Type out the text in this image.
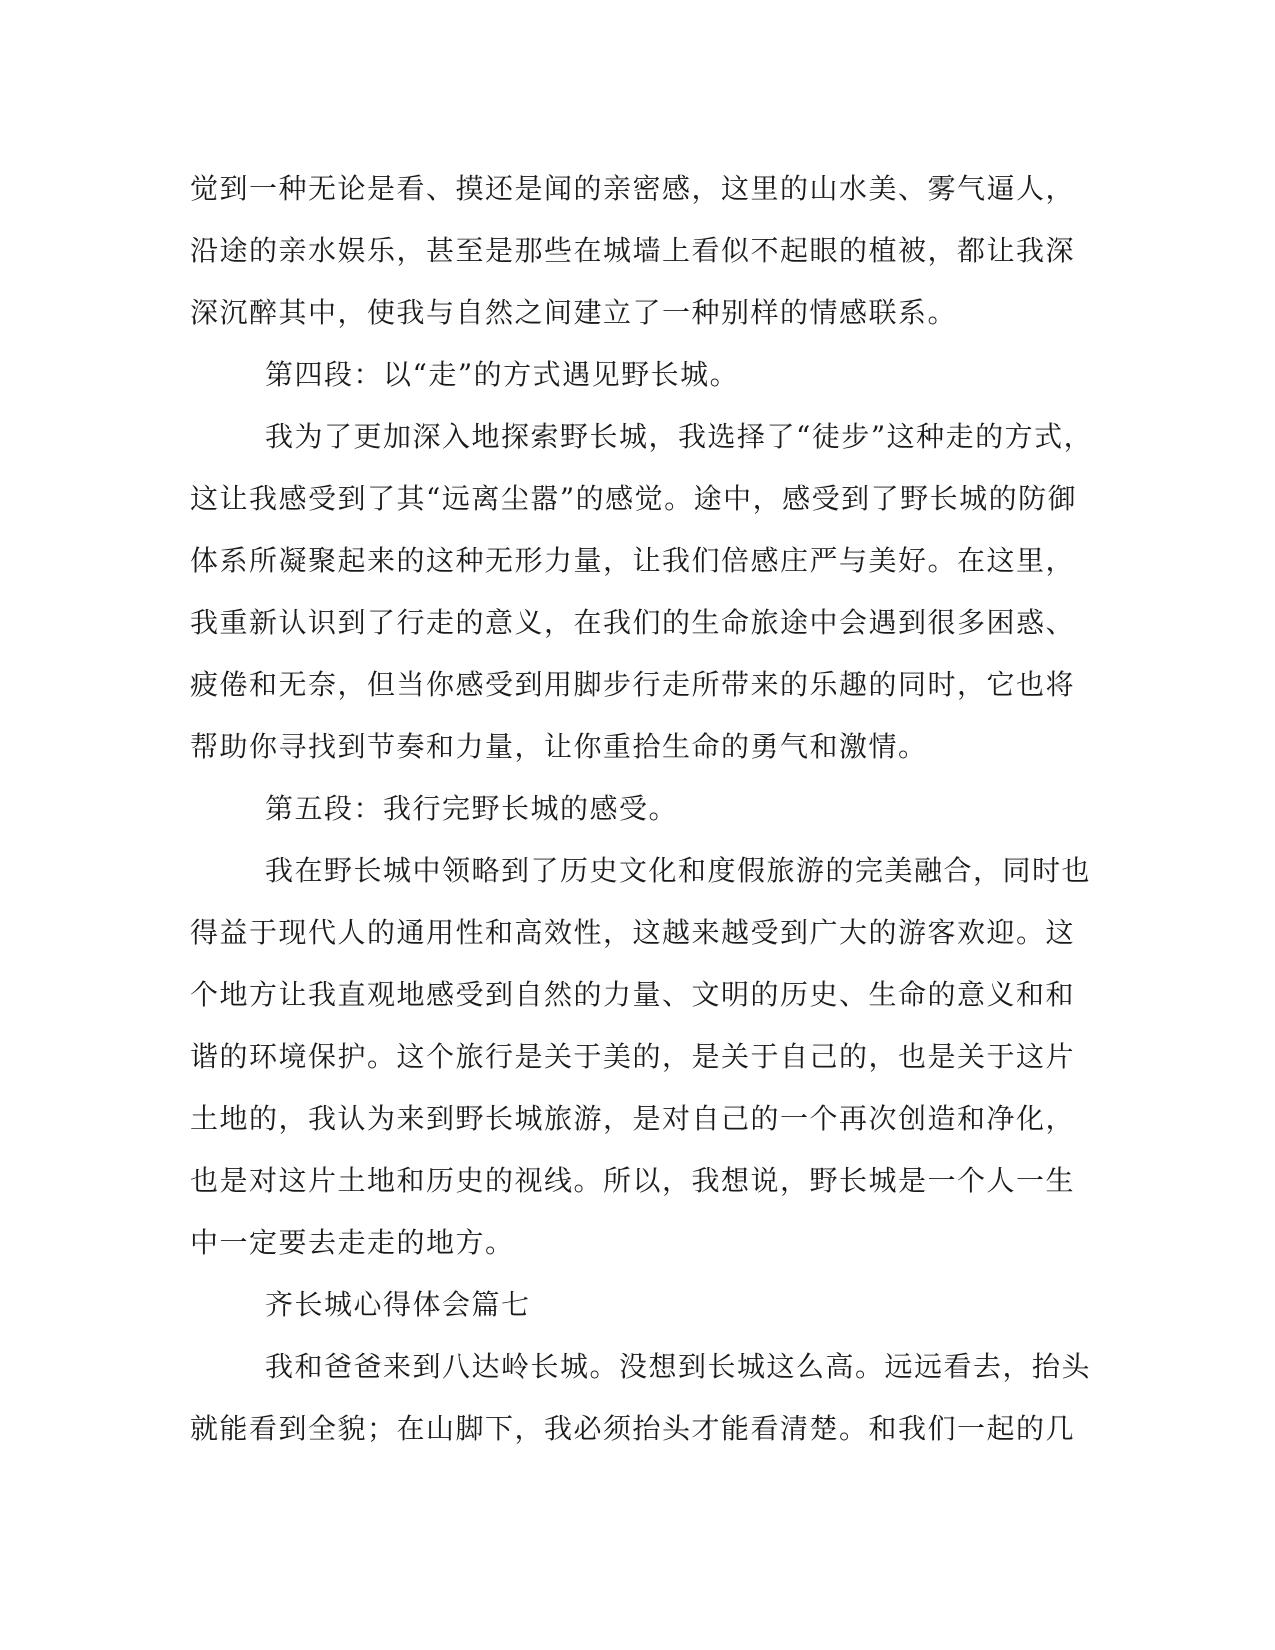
觉到一种无论是看、摸还是闻的亲密感，这里的山水美、雾气逼人，

沿途的亲水娱乐，甚至是那些在城墙上看似不起眼的植被，都让我深

深沉醉其中，使我与自然之间建立了一种别样的情感联系。

第四段：以“走”的方式遇见野长城。

我为了更加深入地探索野长城，我选择了“徒步”这种走的方式，

这让我感受到了其“远离尘嚣”的感觉。途中，感受到了野长城的防御

体系所凝聚起来的这种无形力量，让我们倍感庄严与美好。在这里，

我重新认识到了行走的意义，在我们的生命旅途中会遇到很多困惑、

疲倦和无奈，但当你感受到用脚步行走所带来的乐趣的同时，它也将

帮助你寻找到节奏和力量，让你重拾生命的勇气和激情。

第五段：我行完野长城的感受。

我在野长城中领略到了历史文化和度假旅游的完美融合，同时也

得益于现代人的通用性和高效性，这越来越受到广大的游客欢迎。这

个地方让我直观地感受到自然的力量、文明的历史、生命的意义和和

谐的环境保护。这个旅行是关于美的，是关于自己的，也是关于这片

土地的，我认为来到野长城旅游，是对自己的一个再次创造和净化，

也是对这片土地和历史的视线。所以，我想说，野长城是一个人一生

中一定要去走走的地方。

齐长城心得体会篇七

我和爸爸来到八达岭长城。没想到长城这么高。远远看去，抬头

就能看到全貌；在山脚下，我必须抬头才能看清楚。和我们一起的几
